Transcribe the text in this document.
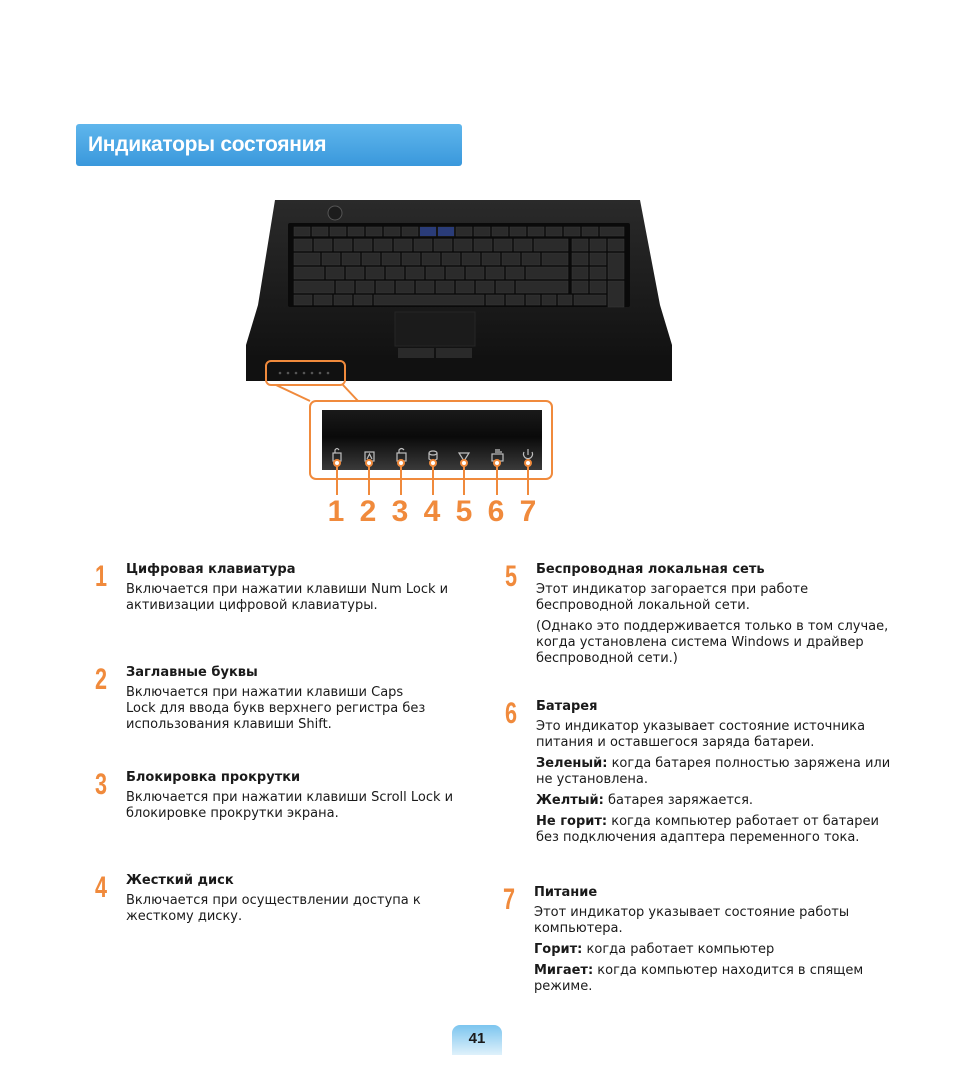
Индикаторы состояния
1 2 3 4 5 6 7
1 Цифровая клавиатура
Включается при нажатии клавиши Num Lock и активизации цифровой клавиатуры.
2 Заглавные буквы
Включается при нажатии клавиши Caps Lock для ввода букв верхнего регистра без использования клавиши Shift.
3 Блокировка прокрутки
Включается при нажатии клавиши Scroll Lock и блокировке прокрутки экрана.
4 Жесткий диск
Включается при осуществлении доступа к жесткому диску.
5 Беспроводная локальная сеть
Этот индикатор загорается при работе беспроводной локальной сети.
(Однако это поддерживается только в том случае, когда установлена система Windows и драйвер беспроводной сети.)
6 Батарея
Это индикатор указывает состояние источника питания и оставшегося заряда батареи.
Зеленый: когда батарея полностью заряжена или не установлена.
Желтый: батарея заряжается.
Не горит: когда компьютер работает от батареи без подключения адаптера переменного тока.
7 Питание
Этот индикатор указывает состояние работы компьютера.
Горит: когда работает компьютер
Мигает: когда компьютер находится в спящем режиме.
41
